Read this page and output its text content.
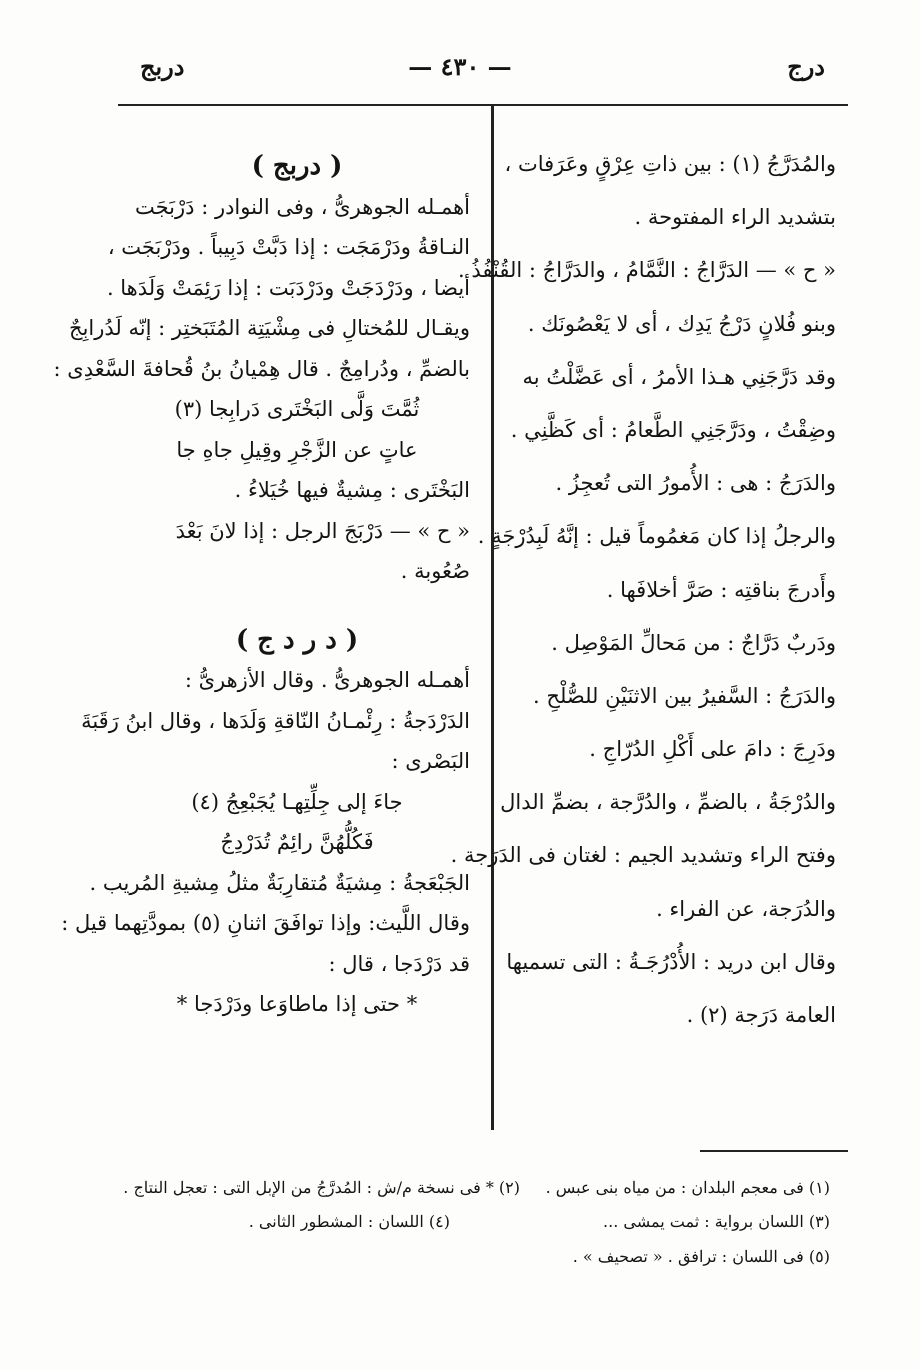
— ٤٣٠ —	درج
دربج
والمُدَرَّجُ (١) : بين ذاتِ عِرْقٍ وعَرَفات ،
بتشديد الراء المفتوحة .
« ح » — الدَرَّاجُ : النَّمَّامُ ، والدَرَّاجُ : القُنْفُذُ .
وبنو فُلانٍ دَرْجُ يَدِك ، أى لا يَعْصُونَك .
وقد دَرَّجَنِي هـذا الأمرُ ، أى عَضَّلْتُ به
وضِقْتُ ، ودَرَّجَنِي الطَّعامُ : أى كَظَّنِي .
والدَرَجُ : هى : الأُمورُ التى تُعجِزُ .
والرجلُ إذا كان مَغمُوماً قيل : إنَّهُ لَبِدُرْجَةٍ .
وأَدرجَ بناقتِه : صَرَّ أخلافَها .
ودَربٌ دَرَّاجٌ : من مَحالِّ المَوْصِل .
والدَرَجُ : السَّفيرُ بين الاثنَيْنِ للصُّلْحِ .
ودَرِجَ : دامَ على أَكْلِ الدُرّاجِ .
والدُرْجَةُ ، بالضمِّ ، والدُرَّجة ، بضمِّ الدال
وفتح الراء وتشديد الجيم : لغتان فى الدَرَجة .
والدُرَجة، عن الفراء .
وقال ابن دريد : الأُدْرُجَـةُ : التى تسميها
العامة دَرَجة (٢) .
( دربج )
أهمـله الجوهرىُّ ، وفى النوادر : دَرْبَجَت
النـاقةُ ودَرْمَجَت : إذا دَبَّتْ دَبِيباً . ودَرْبَجَت ،
أيضا ، ودَرْدَجَتْ ودَرْدَبَت : إذا رَئِمَتْ وَلَدَها .
ويقـال للمُختالِ فى مِشْيَتِة المُتَبَختِر : إنّه لَدُرابِجٌ
بالضمِّ ، ودُرامِجٌ . قال هِمْيانُ بنُ قُحافةَ السَّعْدِى :
ثُمَّتَ وَلَّى البَخْتَرى دَرابِجا (٣)
عاتٍ عن الزَّجْرِ وقِيلِ جاهِ جا
البَخْتَرى : مِشيةٌ فيها خُيَلاءُ .
« ح » — دَرْبَجَ الرجل : إذا لانَ بَعْدَ
صُعُوبة .
( د ر د ج )
أهمـله الجوهرىُّ . وقال الأزهرىُّ :
الدَرْدَجةُ : رِئْمـانُ النّاقةِ وَلَدَها ، وقال ابنُ رَقَبَةَ
البَصْرى :
جاءَ إلى جِلِّتِهـا يُجَبْعِجُ (٤)
فَكُلُّهُنَّ رائِمٌ تُدَرْدِجُ
الجَبْعَجةُ : مِشيَةٌ مُتقارِبَةٌ مثلُ مِشيةِ المُريب .
وقال اللَّيث: وإذا توافَقَ اثنانِ (٥) بمودَّتِهما قيل :
قد دَرْدَجا ، قال :
* حتى إذا ماطاوَعا ودَرْدَجا *
(١) فى معجم البلدان : من مياه بنى عبس .
(٢) * فى نسخة م/ش : المُدرَّجُ من الإبل التى : تعجل النتاج .
(٣) اللسان برواية : ثمت يمشى ...
(٤) اللسان : المشطور الثانى .
(٥) فى اللسان : ترافق . « تصحيف » .
